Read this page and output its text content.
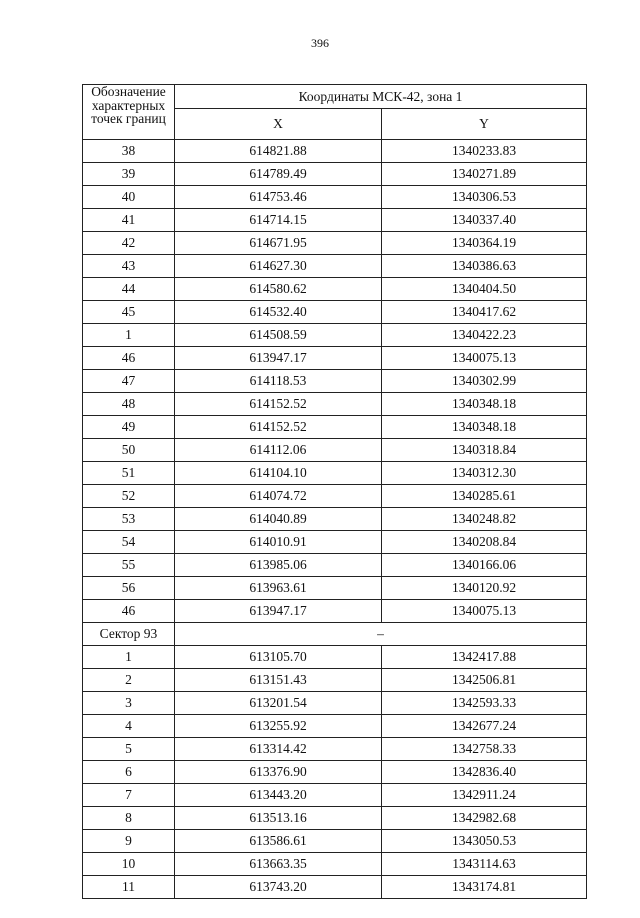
396
Обозначение
характерных
точек границ	Координаты МСК-42, зона 1	
	X	Y
38	614821.88	1340233.83
39	614789.49	1340271.89
40	614753.46	1340306.53
41	614714.15	1340337.40
42	614671.95	1340364.19
43	614627.30	1340386.63
44	614580.62	1340404.50
45	614532.40	1340417.62
1	614508.59	1340422.23
46	613947.17	1340075.13
47	614118.53	1340302.99
48	614152.52	1340348.18
49	614152.52	1340348.18
50	614112.06	1340318.84
51	614104.10	1340312.30
52	614074.72	1340285.61
53	614040.89	1340248.82
54	614010.91	1340208.84
55	613985.06	1340166.06
56	613963.61	1340120.92
46	613947.17	1340075.13
Сектор 93	–	
1	613105.70	1342417.88
2	613151.43	1342506.81
3	613201.54	1342593.33
4	613255.92	1342677.24
5	613314.42	1342758.33
6	613376.90	1342836.40
7	613443.20	1342911.24
8	613513.16	1342982.68
9	613586.61	1343050.53
10	613663.35	1343114.63
11	613743.20	1343174.81
